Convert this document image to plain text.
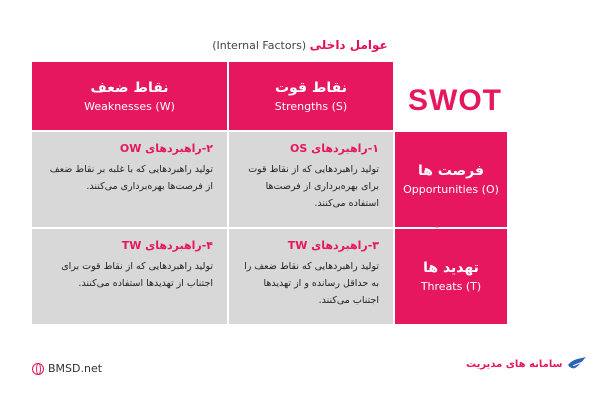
عوامل داخلی (Internal Factors)
SWOT
نقاط ضعف
(W) Weaknesses
نقاط قوت
Strengths (S)
۲-راهبردهای OW
تولید راهبردهایی که با غلبه بر نقاط ضعف از فرصت‌ها بهره‌برداری می‌کنند.
۱-راهبردهای OS
تولید راهبردهایی که از نقاط قوت برای بهره‌برداری از فرصت‌ها استفاده می‌کنند.
فرصت ها
Opportunities (O)
۴-راهبردهای TW
تولید راهبردهایی که از نقاط قوت برای اجتناب از تهدیدها استفاده می‌کنند.
۳-راهبردهای TW
تولید راهبردهایی که نقاط ضعف را به حداقل رسانده و از تهدیدها اجتناب می‌کنند.
تهدید ها
Threats (T)
BMSD.net	سامانه های مدیریت
